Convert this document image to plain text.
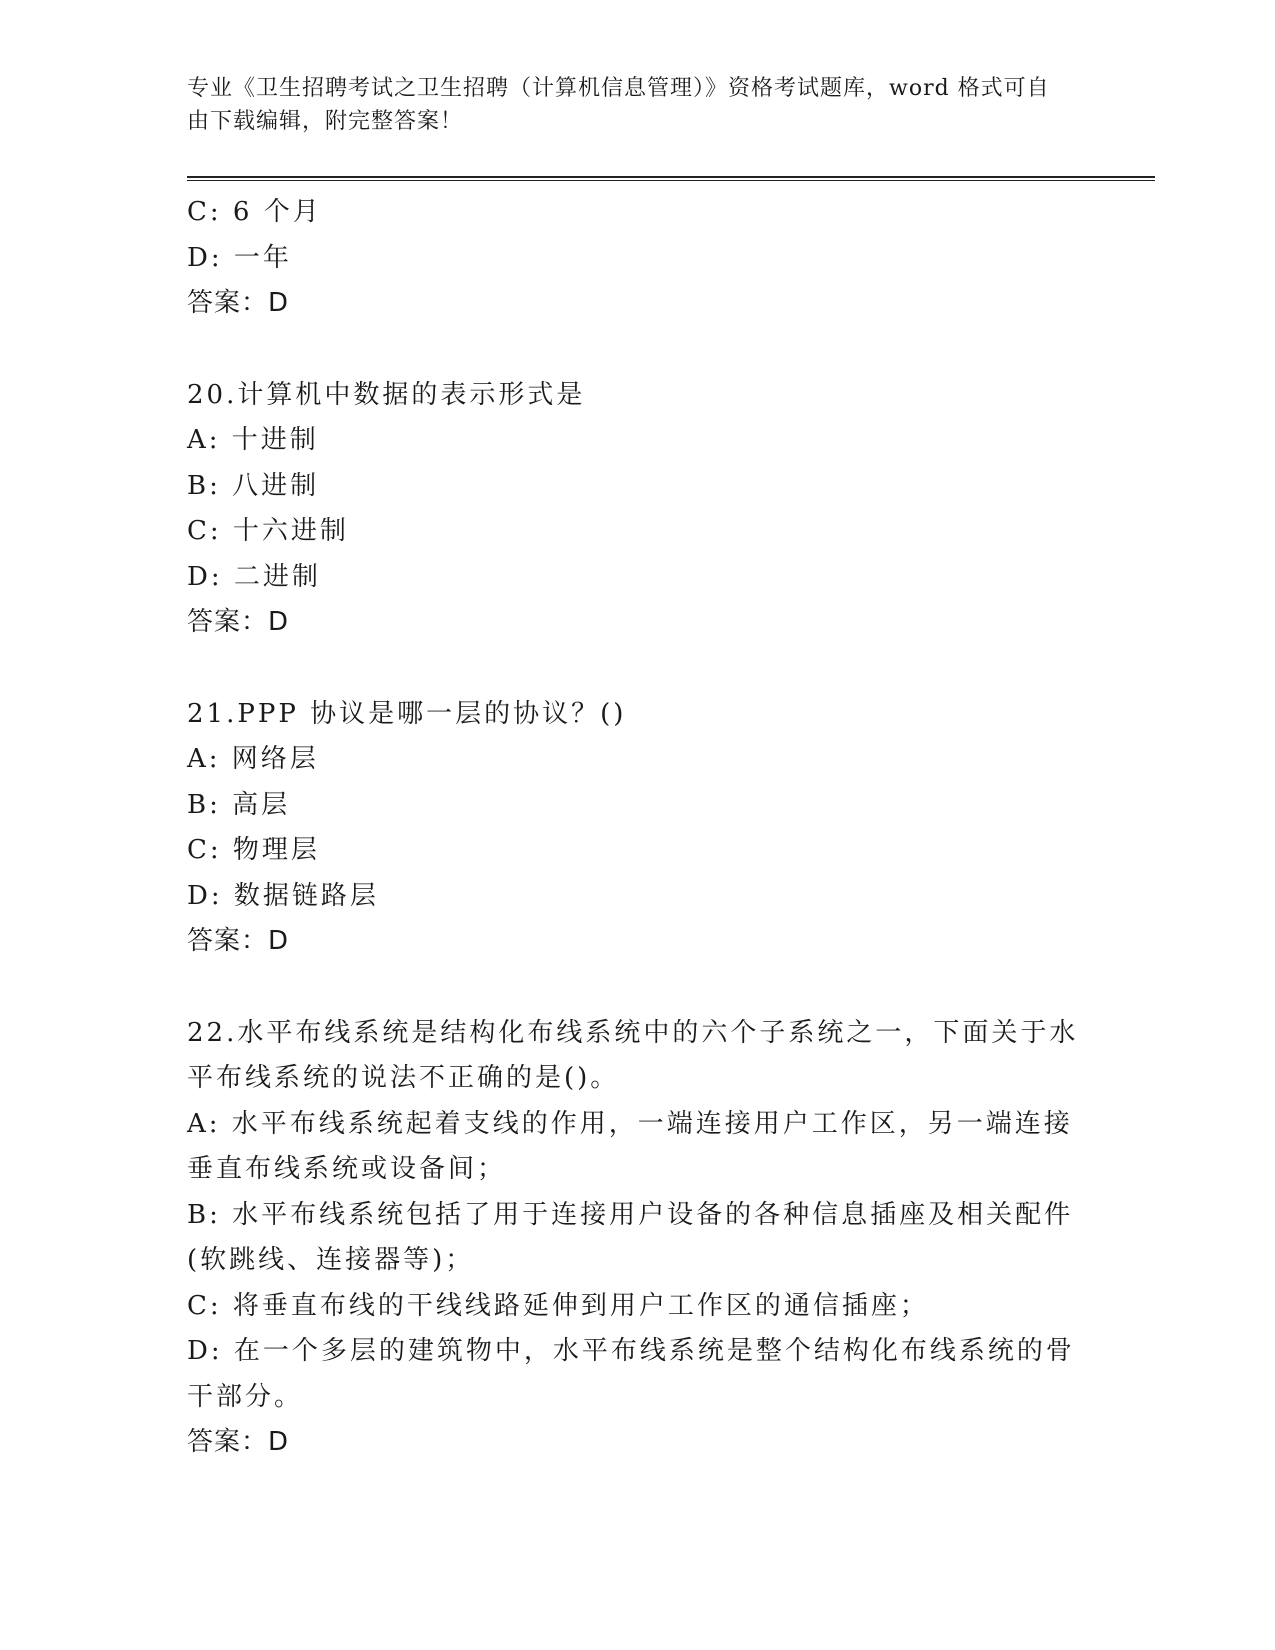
专业《卫生招聘考试之卫生招聘（计算机信息管理）》资格考试题库，word 格式可自由下载编辑，附完整答案！

C: 6 个月

D: 一年

答案：D

20.计算机中数据的表示形式是

A: 十进制

B: 八进制

C: 十六进制

D: 二进制

答案：D

21.PPP 协议是哪一层的协议？()

A: 网络层

B: 高层

C: 物理层

D: 数据链路层

答案：D

22.水平布线系统是结构化布线系统中的六个子系统之一，下面关于水平布线系统的说法不正确的是()。

A: 水平布线系统起着支线的作用，一端连接用户工作区，另一端连接垂直布线系统或设备间；

B: 水平布线系统包括了用于连接用户设备的各种信息插座及相关配件(软跳线、连接器等)；

C: 将垂直布线的干线线路延伸到用户工作区的通信插座；

D: 在一个多层的建筑物中，水平布线系统是整个结构化布线系统的骨干部分。

答案：D
